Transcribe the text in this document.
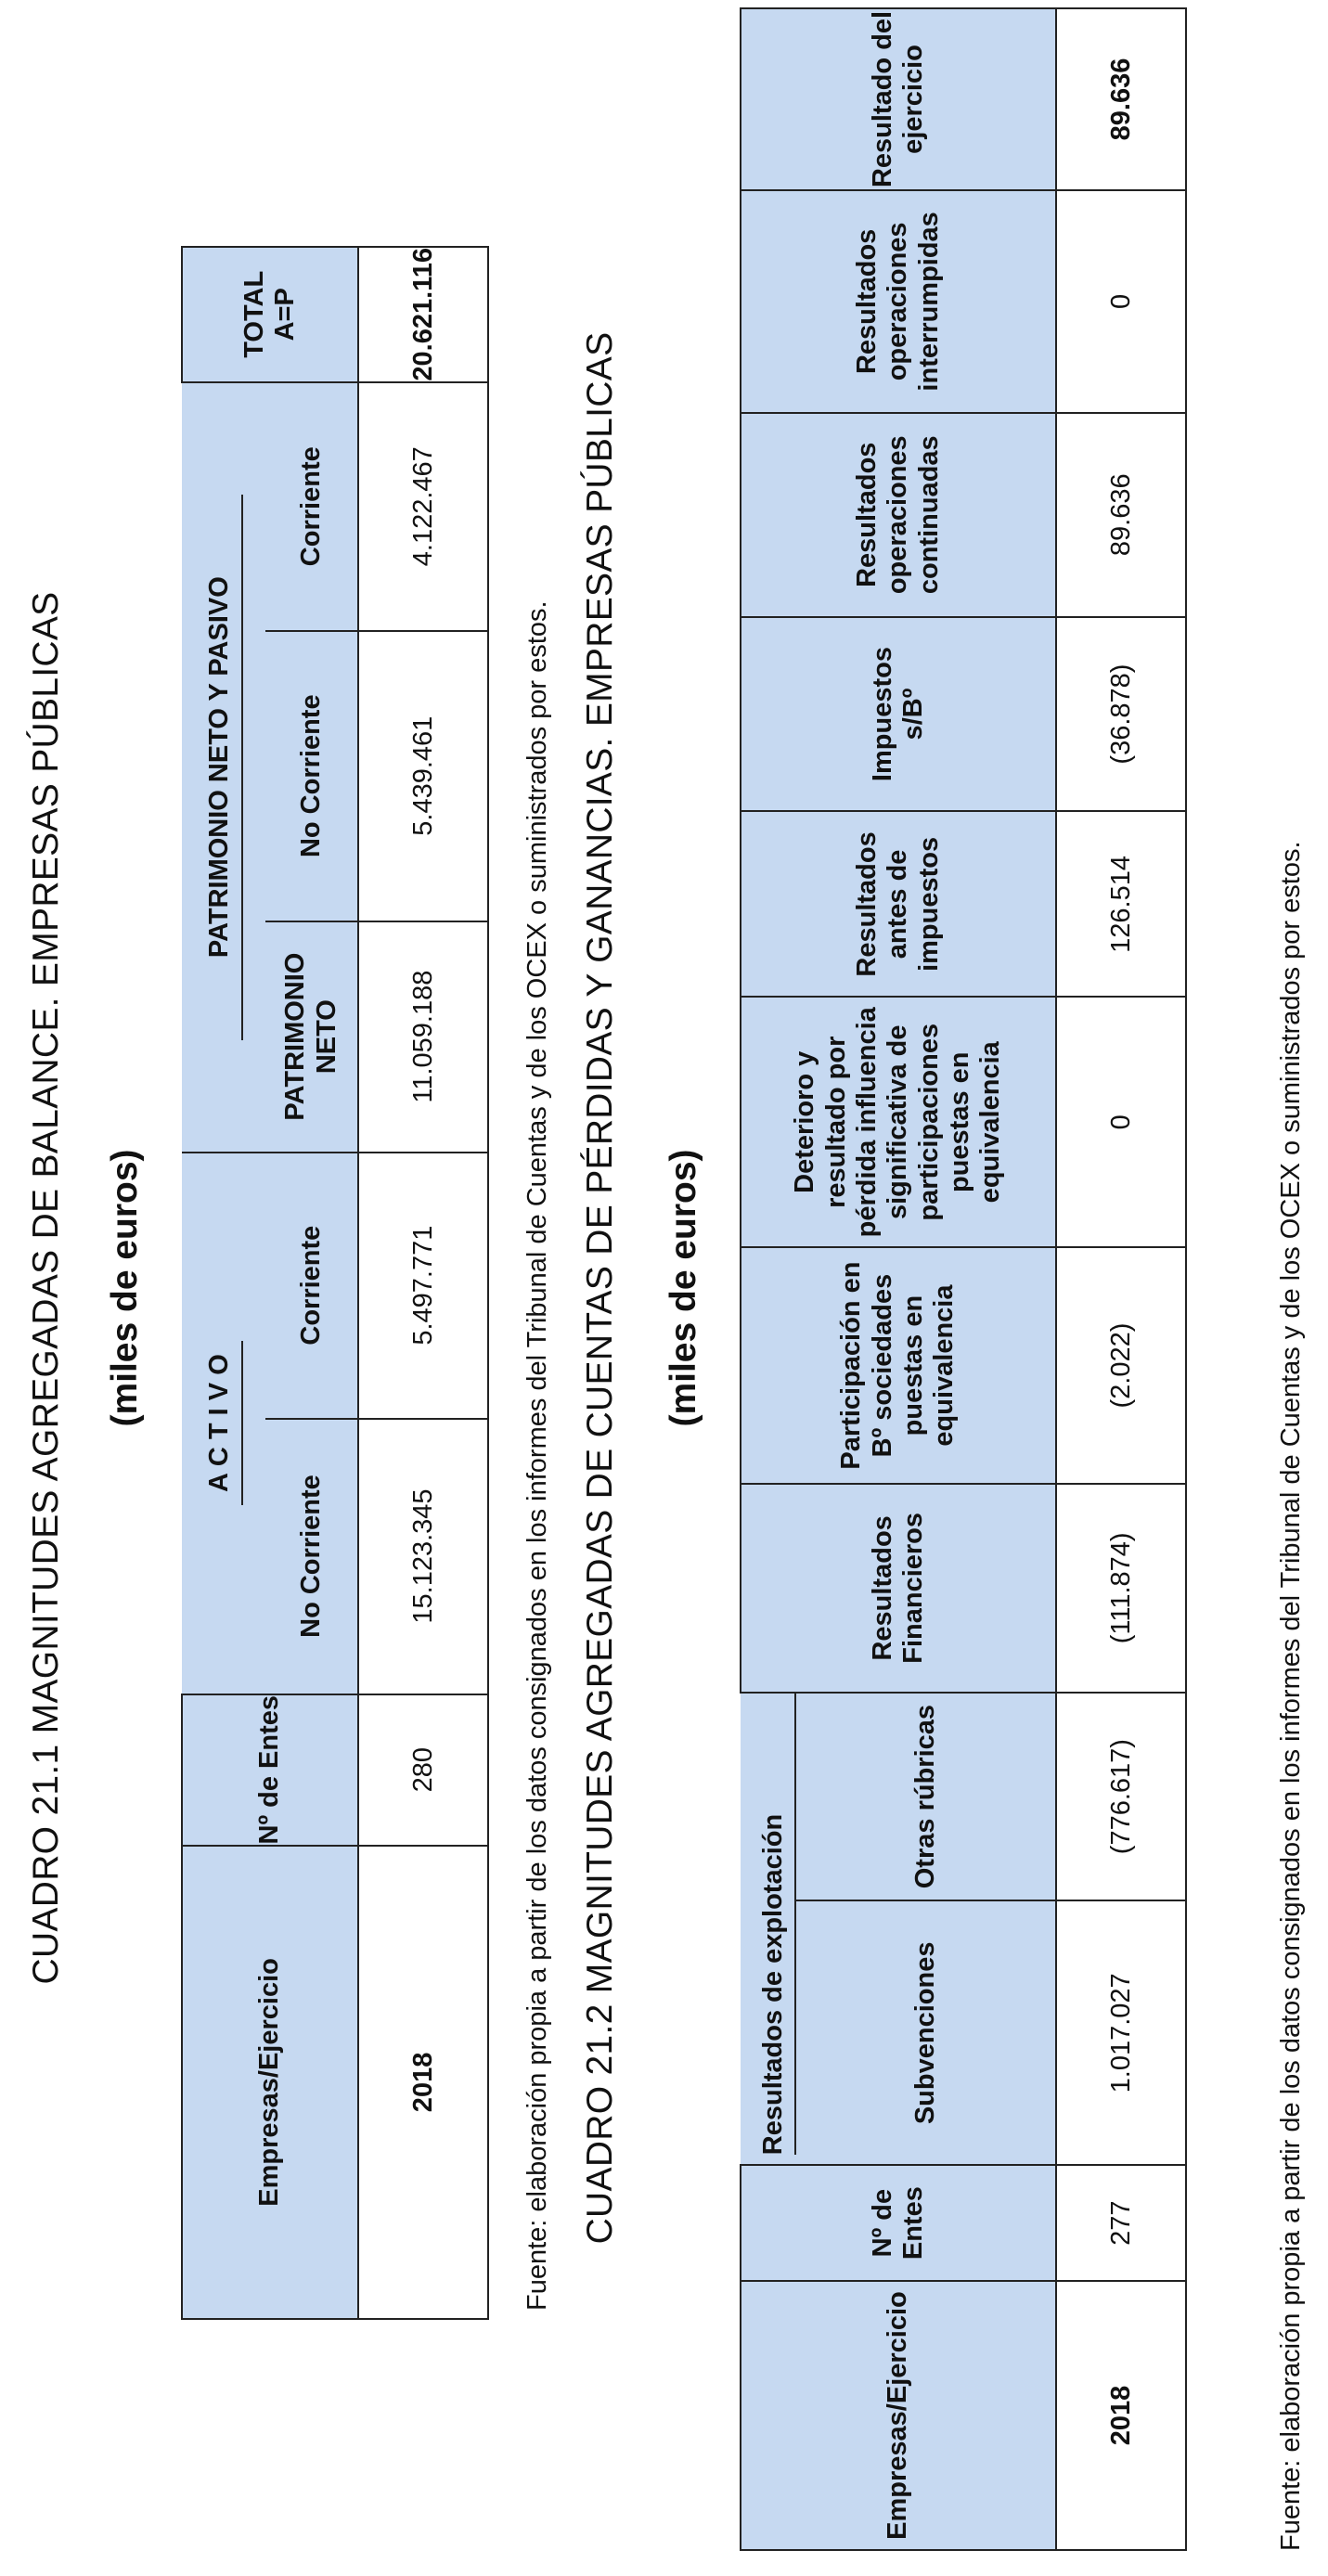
CUADRO 21.1 MAGNITUDES AGREGADAS DE BALANCE. EMPRESAS PÚBLICAS (miles de euros)
Empresas/Ejercicio	Nº de Entes	A C T I V O		PATRIMONIO NETO Y PASIVO			TOTAL A=P
		No Corriente	Corriente	PATRIMONIO NETO	No Corriente	Corriente	
2018	280	15.123.345	5.497.771	11.059.188	5.439.461	4.122.467	20.621.116
Fuente: elaboración propia a partir de los datos consignados en los informes del Tribunal de Cuentas y de los OCEX o suministrados por estos. CUADRO 21.2 MAGNITUDES AGREGADAS DE CUENTAS DE PÉRDIDAS Y GANANCIAS. EMPRESAS PÚBLICAS (miles de euros)
Empresas/Ejercicio	Nº de Entes	Resultados de explotación		Resultados Financieros	Participación en Bº sociedades puestas en equivalencia	Deterioro y resultado por pérdida influencia significativa de participaciones puestas en equivalencia	Resultados antes de impuestos	Impuestos s/Bº	Resultados operaciones continuadas	Resultados operaciones interrumpidas	Resultado del ejercicio
		Subvenciones	Otras rúbricas								
2018	277	1.017.027	(776.617)	(111.874)	(2.022)	0	126.514	(36.878)	89.636	0	89.636
Fuente: elaboración propia a partir de los datos consignados en los informes del Tribunal de Cuentas y de los OCEX o suministrados por estos.
